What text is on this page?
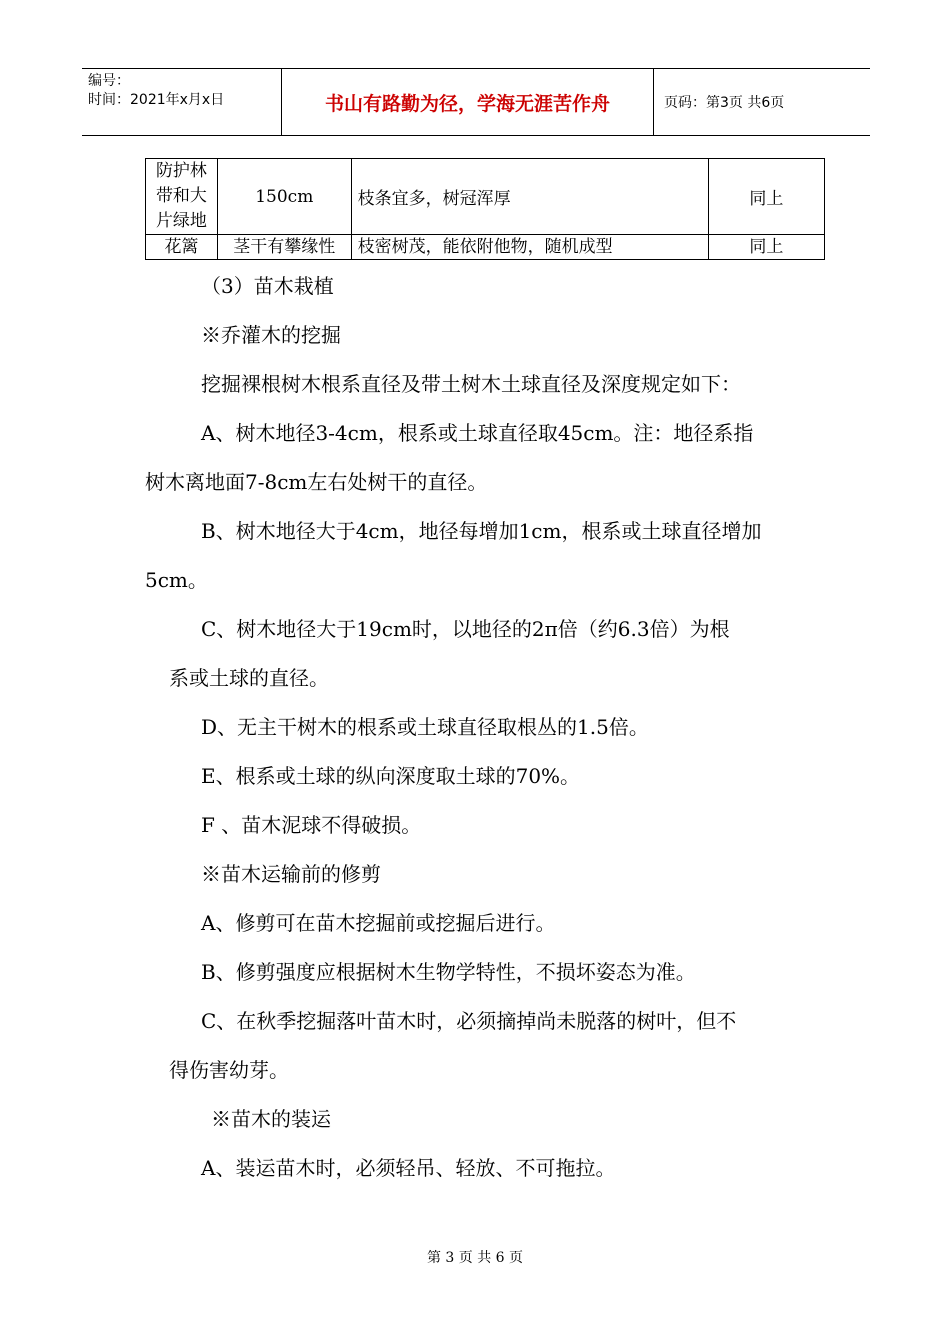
编号：
时间：2021年x月x日	书山有路勤为径，学海无涯苦作舟	页码：第3页 共6页
防护林带和大片绿地	150cm	枝条宜多，树冠浑厚	同上
花篱	茎干有攀缘性	枝密树茂，能依附他物，随机成型	同上
（3）苗木栽植
※乔灌木的挖掘
挖掘裸根树木根系直径及带土树木土球直径及深度规定如下：
A、树木地径3-4cm，根系或土球直径取45cm。注：地径系指
树木离地面7-8cm左右处树干的直径。
B、树木地径大于4cm，地径每增加1cm，根系或土球直径增加
5cm。
C、树木地径大于19cm时，以地径的2π倍（约6.3倍）为根
系或土球的直径。
D、无主干树木的根系或土球直径取根丛的1.5倍。
E、根系或土球的纵向深度取土球的70%。
F 、苗木泥球不得破损。
※苗木运输前的修剪
A、修剪可在苗木挖掘前或挖掘后进行。
B、修剪强度应根据树木生物学特性，不损坏姿态为准。
C、在秋季挖掘落叶苗木时，必须摘掉尚未脱落的树叶，但不
得伤害幼芽。
※苗木的装运
A、装运苗木时，必须轻吊、轻放、不可拖拉。
第 3 页 共 6 页
